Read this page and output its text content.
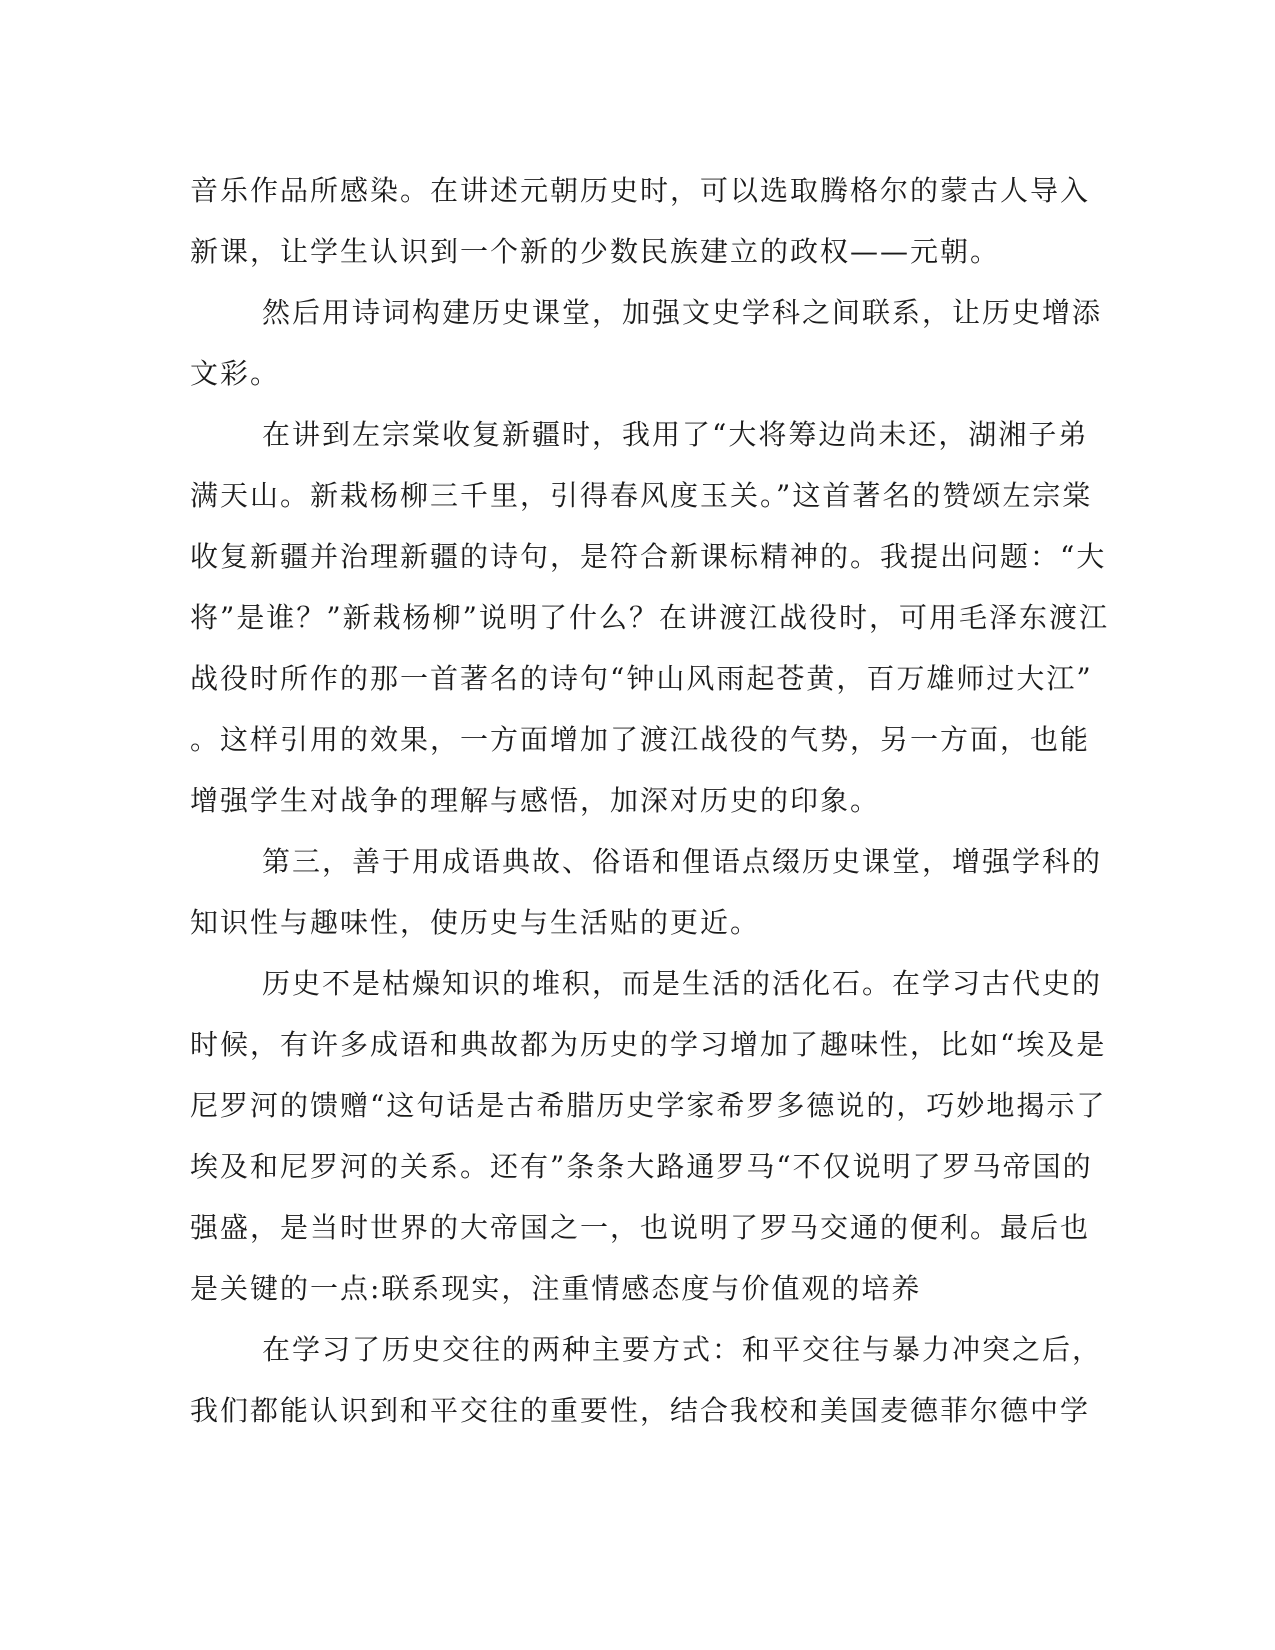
音乐作品所感染。在讲述元朝历史时，可以选取腾格尔的蒙古人导入
新课，让学生认识到一个新的少数民族建立的政权——元朝。
然后用诗词构建历史课堂，加强文史学科之间联系，让历史增添
文彩。
在讲到左宗棠收复新疆时，我用了“大将筹边尚未还，湖湘子弟
满天山。新栽杨柳三千里，引得春风度玉关。”这首著名的赞颂左宗棠
收复新疆并治理新疆的诗句，是符合新课标精神的。我提出问题：“大
将”是谁？”新栽杨柳”说明了什么？在讲渡江战役时，可用毛泽东渡江
战役时所作的那一首著名的诗句“钟山风雨起苍黄，百万雄师过大江”
。这样引用的效果，一方面增加了渡江战役的气势，另一方面，也能
增强学生对战争的理解与感悟，加深对历史的印象。
第三，善于用成语典故、俗语和俚语点缀历史课堂，增强学科的
知识性与趣味性，使历史与生活贴的更近。
历史不是枯燥知识的堆积，而是生活的活化石。在学习古代史的
时候，有许多成语和典故都为历史的学习增加了趣味性，比如“埃及是
尼罗河的馈赠“这句话是古希腊历史学家希罗多德说的，巧妙地揭示了
埃及和尼罗河的关系。还有”条条大路通罗马“不仅说明了罗马帝国的
强盛，是当时世界的大帝国之一，也说明了罗马交通的便利。最后也
是关键的一点:联系现实，注重情感态度与价值观的培养
在学习了历史交往的两种主要方式：和平交往与暴力冲突之后，
我们都能认识到和平交往的重要性，结合我校和美国麦德菲尔德中学
